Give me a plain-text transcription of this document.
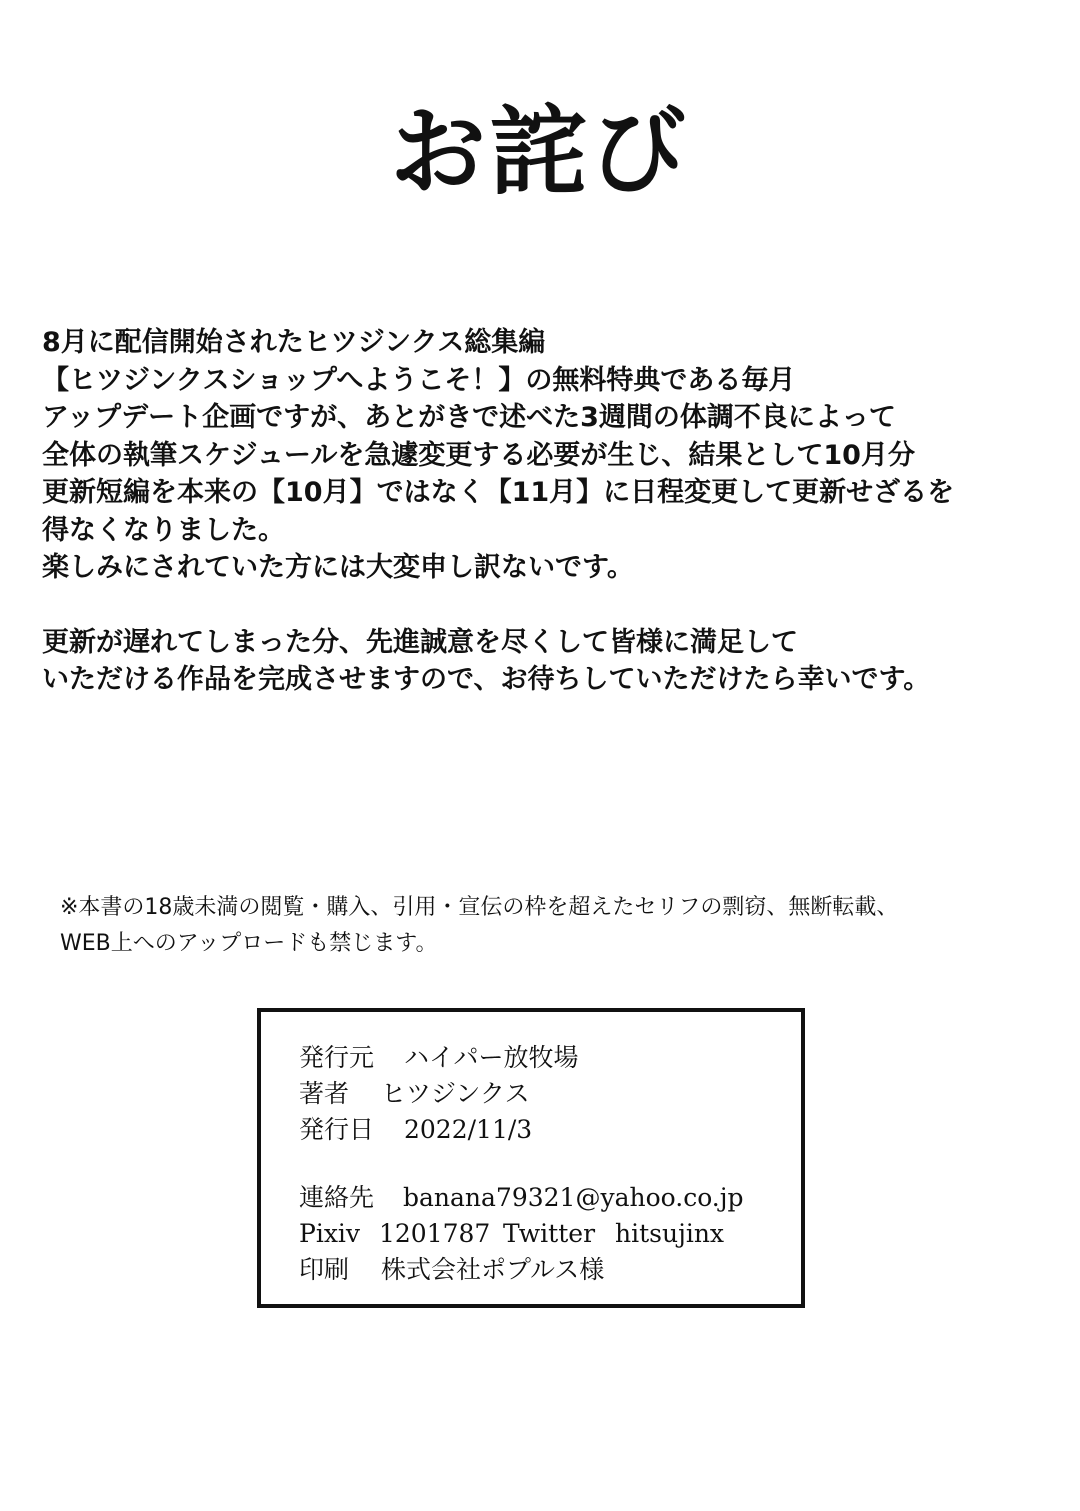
お詫び
8月に配信開始されたヒツジンクス総集編
【ヒツジンクスショップへようこそ！】の無料特典である毎月
アップデート企画ですが、あとがきで述べた3週間の体調不良によって
全体の執筆スケジュールを急遽変更する必要が生じ、結果として10月分
更新短編を本来の【10月】ではなく【11月】に日程変更して更新せざるを
得なくなりました。
楽しみにされていた方には大変申し訳ないです。
更新が遅れてしまった分、先進誠意を尽くして皆様に満足して
いただける作品を完成させますので、お待ちしていただけたら幸いです。
※本書の18歳未満の閲覧・購入、引用・宣伝の枠を超えたセリフの剽窃、無断転載、
WEB上へのアップロードも禁じます。
発行元 ハイパー放牧場
著者 ヒツジンクス
発行日 2022/11/3
連絡先 banana79321@yahoo.co.jp
Pixiv 1201787 Twitter hitsujinx
印刷 株式会社ポプルス様
